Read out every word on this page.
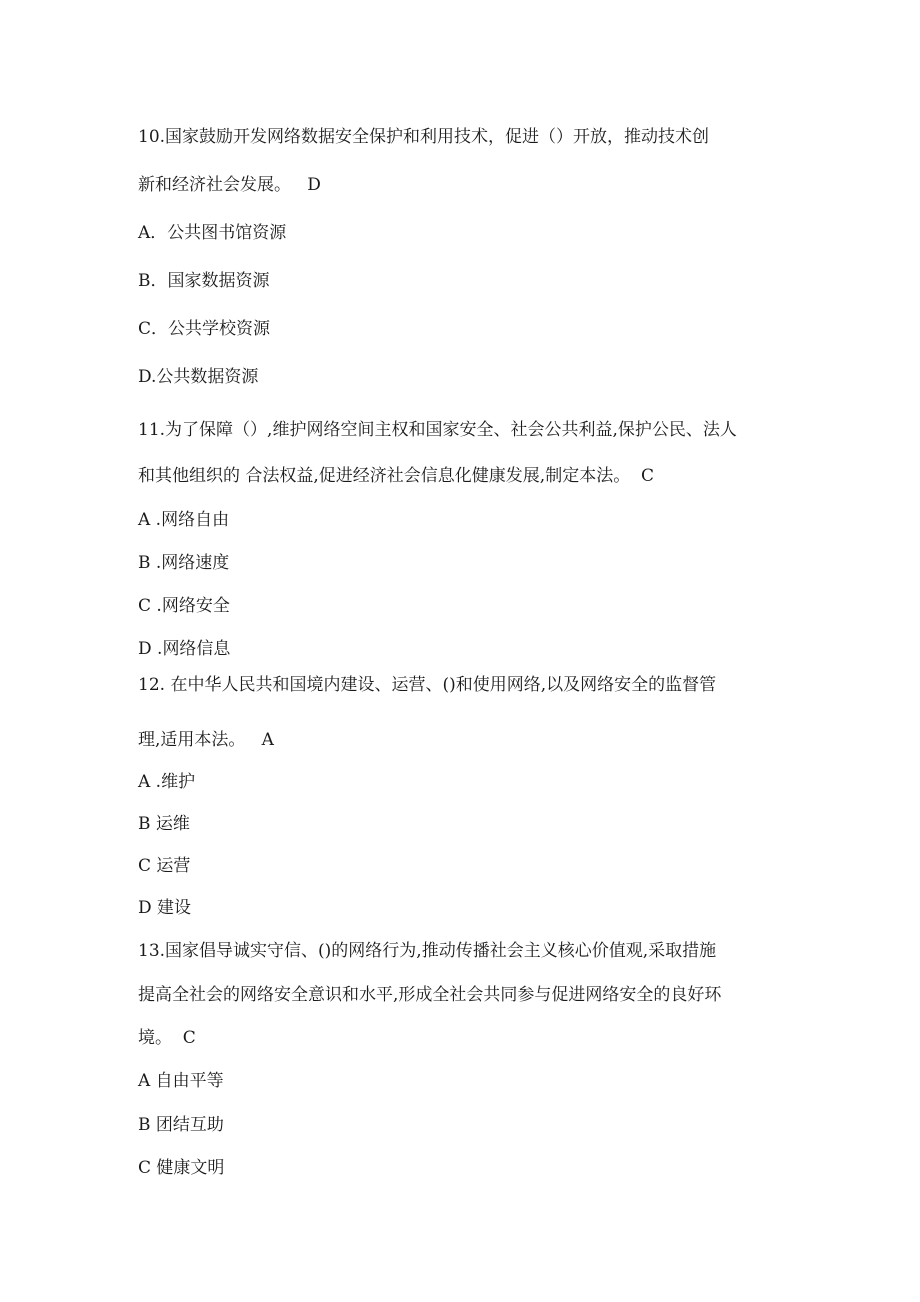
10.国家鼓励开发网络数据安全保护和利用技术，促进（）开放，推动技术创
新和经济社会发展。   D
A．公共图书馆资源
B．国家数据资源
C．公共学校资源
D.公共数据资源
11.为了保障（）,维护网络空间主权和国家安全、社会公共利益,保护公民、法人
和其他组织的 合法权益,促进经济社会信息化健康发展,制定本法。  C
A .网络自由
B .网络速度
C .网络安全
D .网络信息
12. 在中华人民共和国境内建设、运营、()和使用网络,以及网络安全的监督管
理,适用本法。   A
A .维护
B 运维
C 运营
D 建设
13.国家倡导诚实守信、()的网络行为,推动传播社会主义核心价值观,采取措施
提高全社会的网络安全意识和水平,形成全社会共同参与促进网络安全的良好环
境。  C
A 自由平等
B 团结互助
C 健康文明
